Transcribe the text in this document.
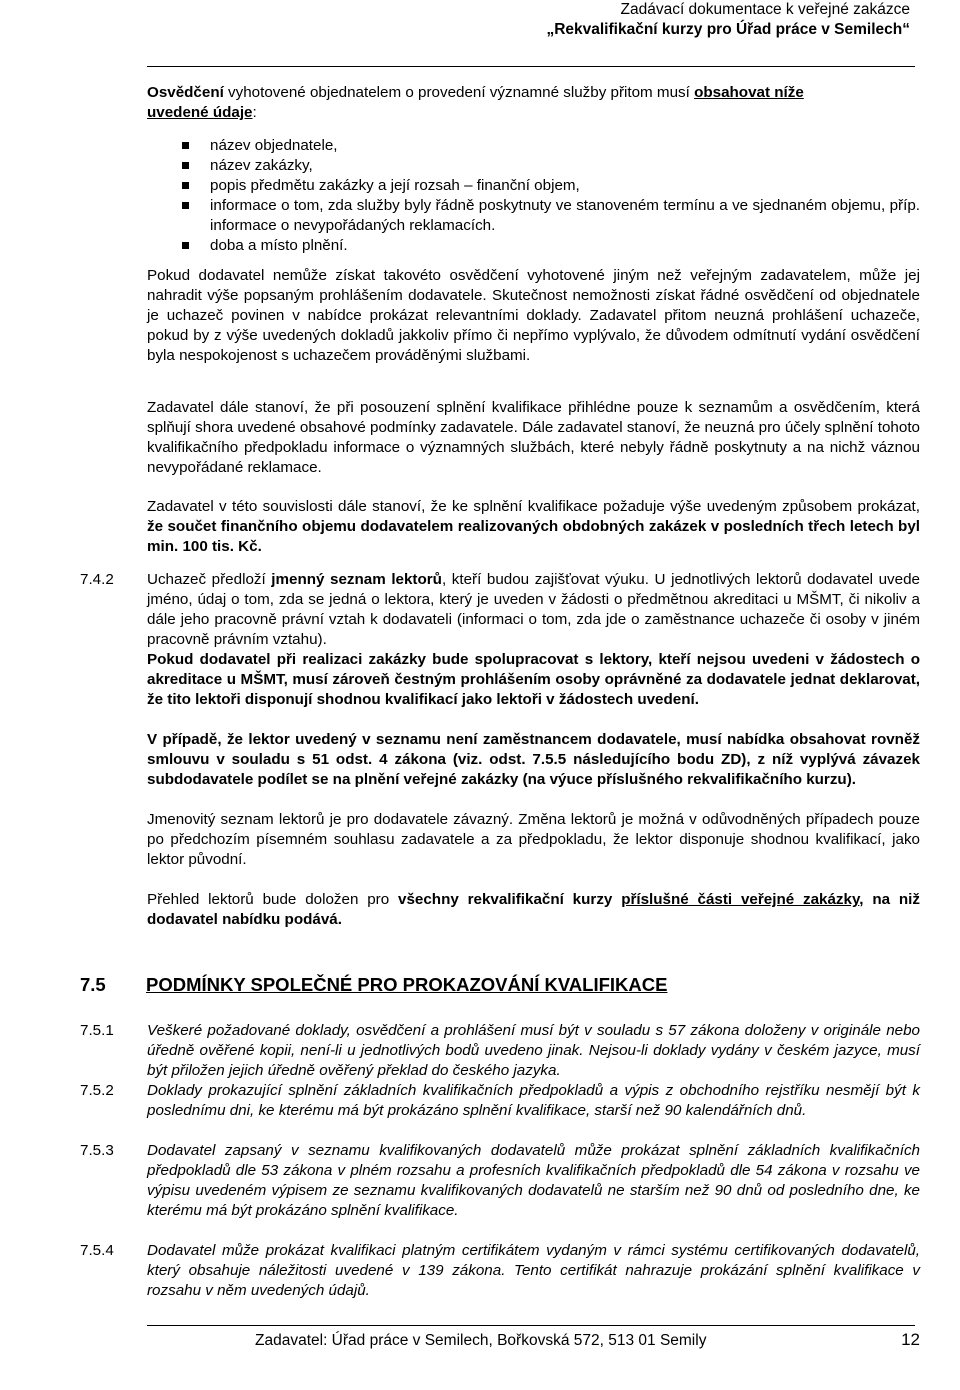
Zadávací dokumentace k veřejné zakázce
„Rekvalifikační kurzy pro Úřad práce v Semilech“
Osvědčení vyhotovené objednatelem o provedení významné služby přitom musí obsahovat níže
uvedené údaje:
název objednatele,
název zakázky,
popis předmětu zakázky a její rozsah – finanční objem,
informace o tom, zda služby byly řádně poskytnuty ve stanoveném termínu a ve sjednaném objemu, příp. informace o nevypořádaných reklamacích.
doba a místo plnění.
Pokud dodavatel nemůže získat takovéto osvědčení vyhotovené jiným než veřejným zadavatelem, může jej nahradit výše popsaným prohlášením dodavatele. Skutečnost nemožnosti získat řádné osvědčení od objednatele je uchazeč povinen v nabídce prokázat relevantními doklady. Zadavatel přitom neuzná prohlášení uchazeče, pokud by z výše uvedených dokladů jakkoliv přímo či nepřímo vyplývalo, že důvodem odmítnutí vydání osvědčení byla nespokojenost s uchazečem prováděnými službami.
Zadavatel dále stanoví, že při posouzení splnění kvalifikace přihlédne pouze k seznamům a osvědčením, která splňují shora uvedené obsahové podmínky zadavatele. Dále zadavatel stanoví, že neuzná pro účely splnění tohoto kvalifikačního předpokladu informace o významných službách, které nebyly řádně poskytnuty a na nichž váznou nevypořádané reklamace.
Zadavatel v této souvislosti dále stanoví, že ke splnění kvalifikace požaduje výše uvedeným způsobem prokázat, že součet finančního objemu dodavatelem realizovaných obdobných zakázek v posledních třech letech byl min. 100 tis. Kč.
7.4.2 Uchazeč předloží jmenný seznam lektorů, kteří budou zajišťovat výuku. U jednotlivých lektorů dodavatel uvede jméno, údaj o tom, zda se jedná o lektora, který je uveden v žádosti o předmětnou akreditaci u MŠMT, či nikoliv a dále jeho pracovně právní vztah k dodavateli (informaci o tom, zda jde o zaměstnance uchazeče či osoby v jiném pracovně právním vztahu).
Pokud dodavatel při realizaci zakázky bude spolupracovat s lektory, kteří nejsou uvedeni v žádostech o akreditace u MŠMT, musí zároveň čestným prohlášením osoby oprávněné za dodavatele jednat deklarovat, že tito lektoři disponují shodnou kvalifikací jako lektoři v žádostech uvedení.
V případě, že lektor uvedený v seznamu není zaměstnancem dodavatele, musí nabídka obsahovat rovněž smlouvu v souladu s 51 odst. 4 zákona (viz. odst. 7.5.5 následujícího bodu ZD), z níž vyplývá závazek subdodavatele podílet se na plnění veřejné zakázky (na výuce příslušného rekvalifikačního kurzu).
Jmenovitý seznam lektorů je pro dodavatele závazný. Změna lektorů je možná v odůvodněných případech pouze po předchozím písemném souhlasu zadavatele a za předpokladu, že lektor disponuje shodnou kvalifikací, jako lektor původní.
Přehled lektorů bude doložen pro všechny rekvalifikační kurzy příslušné části veřejné zakázky, na niž dodavatel nabídku podává.
7.5 PODMÍNKY SPOLEČNÉ PRO PROKAZOVÁNÍ KVALIFIKACE
7.5.1 Veškeré požadované doklady, osvědčení a prohlášení musí být v souladu s 57 zákona doloženy v originále nebo úředně ověřené kopii, není-li u jednotlivých bodů uvedeno jinak. Nejsou-li doklady vydány v českém jazyce, musí být přiložen jejich úředně ověřený překlad do českého jazyka.
7.5.2 Doklady prokazující splnění základních kvalifikačních předpokladů a výpis z obchodního rejstříku nesmějí být k poslednímu dni, ke kterému má být prokázáno splnění kvalifikace, starší než 90 kalendářních dnů.
7.5.3 Dodavatel zapsaný v seznamu kvalifikovaných dodavatelů může prokázat splnění základních kvalifikačních předpokladů dle 53 zákona v plném rozsahu a profesních kvalifikačních předpokladů dle 54 zákona v rozsahu ve výpisu uvedeném výpisem ze seznamu kvalifikovaných dodavatelů ne starším než 90 dnů od posledního dne, ke kterému má být prokázáno splnění kvalifikace.
7.5.4 Dodavatel může prokázat kvalifikaci platným certifikátem vydaným v rámci systému certifikovaných dodavatelů, který obsahuje náležitosti uvedené v 139 zákona. Tento certifikát nahrazuje prokázání splnění kvalifikace v rozsahu v něm uvedených údajů.
Zadavatel: Úřad práce v Semilech, Bořkovská 572, 513 01 Semily	12
